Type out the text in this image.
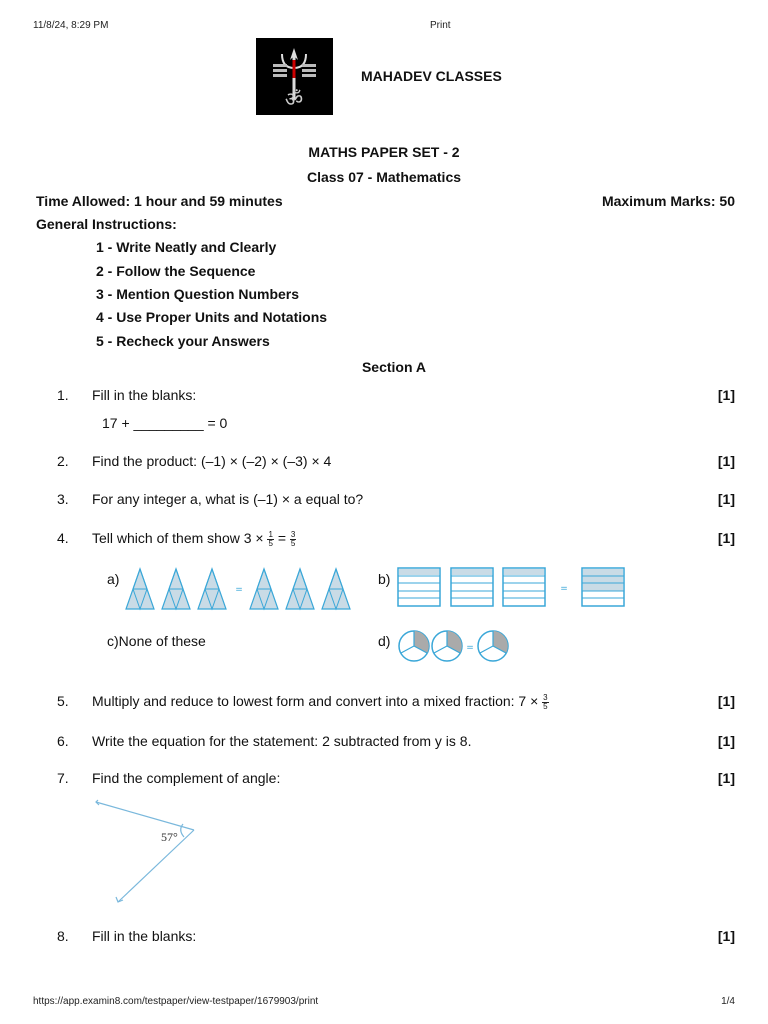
11/8/24, 8:29 PM	Print
ॐ
MAHADEV CLASSES
MATHS PAPER SET - 2
Class 07 - Mathematics
Time Allowed: 1 hour and 59 minutes	Maximum Marks: 50
General Instructions:
1 - Write Neatly and Clearly
2 - Follow the Sequence
3 - Mention Question Numbers
4 - Use Proper Units and Notations
5 - Recheck your Answers
Section A
1. Fill in the blanks:	[1]
17 + _________ = 0
2. Find the product: (–1) × (–2) × (–3) × 4	[1]
3. For any integer a, what is (–1) × a equal to?	[1]
4. Tell which of them show $3 \times \frac{1}{5} = \frac{3}{5}$	[1]
a)
=
b)
=
c)None of these	d)	=
5. Multiply and reduce to lowest form and convert into a mixed fraction: $7 \times \frac{3}{5}$	[1]
6. Write the equation for the statement: 2 subtracted from y is 8.	[1]
7. Find the complement of angle:	[1]
57°
8. Fill in the blanks:	[1]
https://app.examin8.com/testpaper/view-testpaper/1679903/print	1/4
